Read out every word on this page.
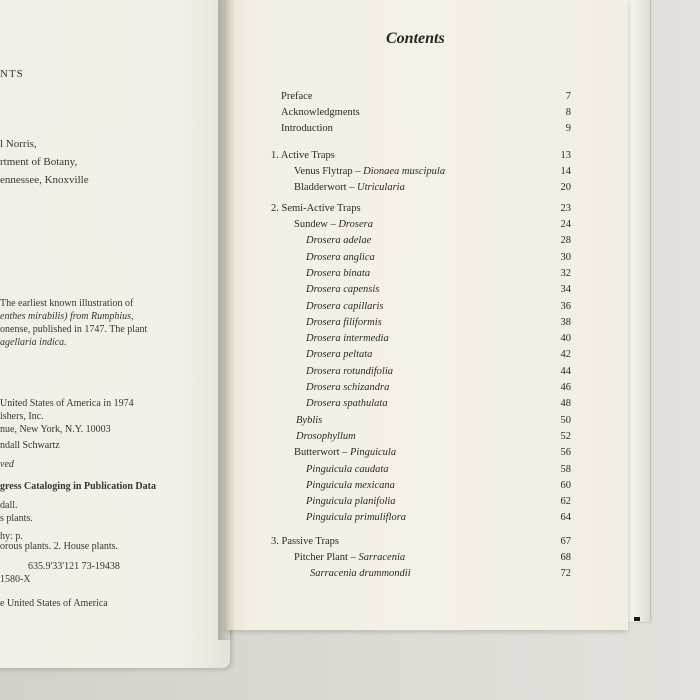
NTS
l Norris,
rtment of Botany,
ennessee, Knoxville
The earliest known illustration of
enthes mirabilis) from Rumphius,
onense, published in 1747. The plant
agellaria indica.
United States of America in 1974
ishers, Inc.
nue, New York, N.Y. 10003
ndall Schwartz
ved
gress Cataloging in Publication Data
dall.
s plants.
hy: p.
orous plants. 2. House plants.
635.9'33'121 73-19438
1580-X
e United States of America
Contents
Preface	7
Acknowledgments	8
Introduction	9
1. Active Traps	13
Venus Flytrap – Dionaea muscipula	14
Bladderwort – Utricularia	20
2. Semi-Active Traps	23
Sundew – Drosera	24
Drosera adelae	28
Drosera anglica	30
Drosera binata	32
Drosera capensis	34
Drosera capillaris	36
Drosera filiformis	38
Drosera intermedia	40
Drosera peltata	42
Drosera rotundifolia	44
Drosera schizandra	46
Drosera spathulata	48
Byblis	50
Drosophyllum	52
Butterwort – Pinguicula	56
Pinguicula caudata	58
Pinguicula mexicana	60
Pinguicula planifolia	62
Pinguicula primuliflora	64
3. Passive Traps	67
Pitcher Plant – Sarracenia	68
Sarracenia drummondii	72
